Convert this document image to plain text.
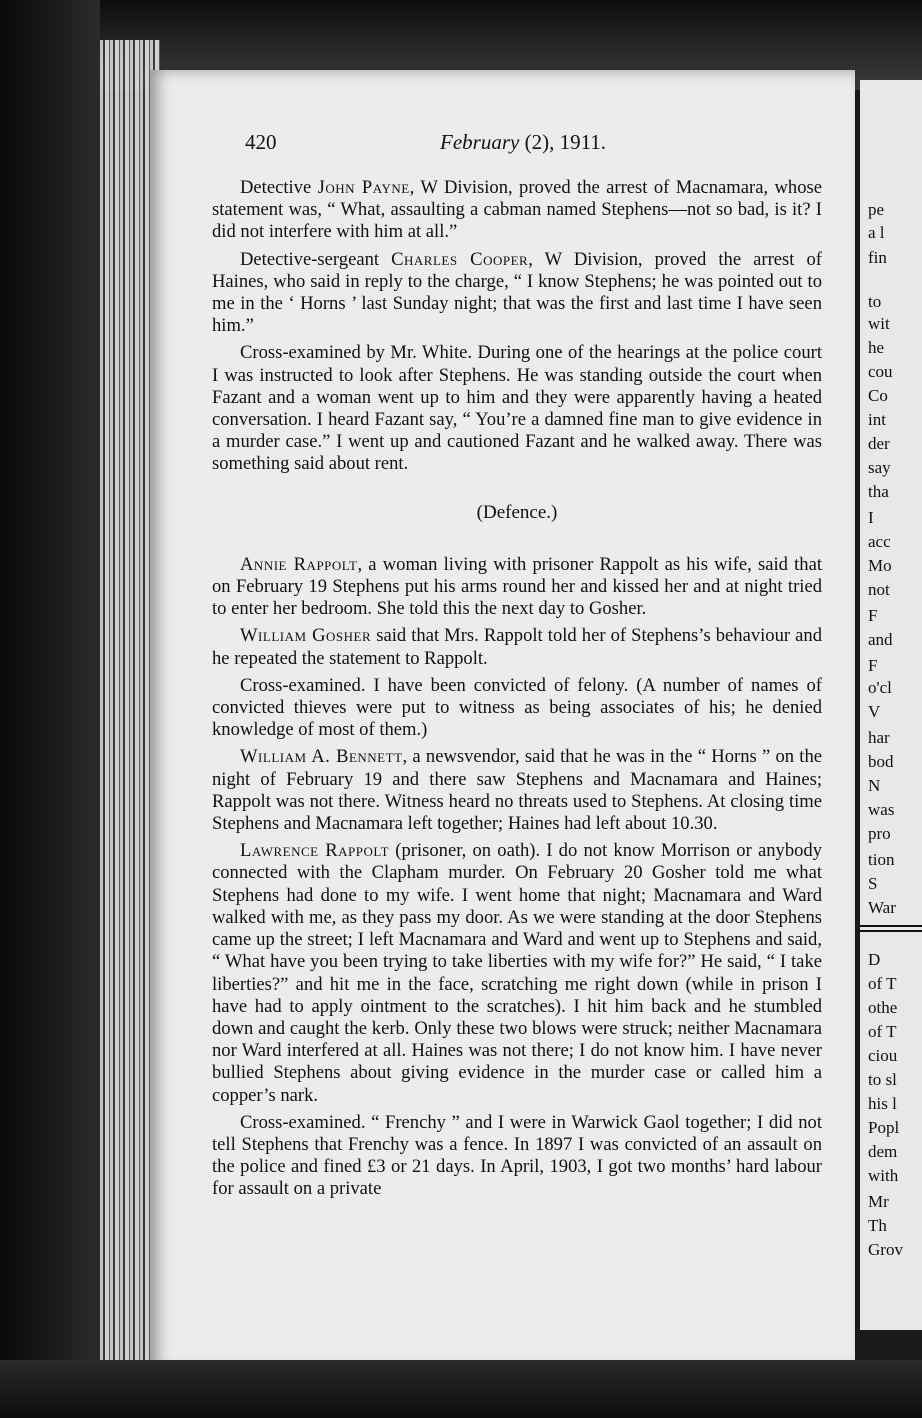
pe
a l
fin
to
wit
he
cou
Co
int
der
say
tha
I
acc
Mo
not
F
and
F
o'cl
V
har
bod
N
was
pro
tion
S
War
D
of T
othe
of T
ciou
to sl
his l
Popl
dem
with
Mr
Th
Grov
420	February (2), 1911.

Detective John Payne, W Division, proved the arrest of Macnamara, whose statement was, “ What, assaulting a cabman named Stephens—not so bad, is it? I did not interfere with him at all.”

Detective-sergeant Charles Cooper, W Division, proved the arrest of Haines, who said in reply to the charge, “ I know Stephens; he was pointed out to me in the ‘ Horns ’ last Sunday night; that was the first and last time I have seen him.”

Cross-examined by Mr. White. During one of the hearings at the police court I was instructed to look after Stephens. He was standing outside the court when Fazant and a woman went up to him and they were apparently having a heated conversation. I heard Fazant say, “ You’re a damned fine man to give evidence in a murder case.” I went up and cautioned Fazant and he walked away. There was something said about rent.

(Defence.)

Annie Rappolt, a woman living with prisoner Rappolt as his wife, said that on February 19 Stephens put his arms round her and kissed her and at night tried to enter her bedroom. She told this the next day to Gosher.

William Gosher said that Mrs. Rappolt told her of Stephens’s behaviour and he repeated the statement to Rappolt.

Cross-examined. I have been convicted of felony. (A number of names of convicted thieves were put to witness as being associates of his; he denied knowledge of most of them.)

William A. Bennett, a newsvendor, said that he was in the “ Horns ” on the night of February 19 and there saw Stephens and Macnamara and Haines; Rappolt was not there. Witness heard no threats used to Stephens. At closing time Stephens and Macnamara left together; Haines had left about 10.30.

Lawrence Rappolt (prisoner, on oath). I do not know Morrison or anybody connected with the Clapham murder. On February 20 Gosher told me what Stephens had done to my wife. I went home that night; Macnamara and Ward walked with me, as they pass my door. As we were standing at the door Stephens came up the street; I left Macnamara and Ward and went up to Stephens and said, “ What have you been trying to take liberties with my wife for?” He said, “ I take liberties?” and hit me in the face, scratching me right down (while in prison I have had to apply ointment to the scratches). I hit him back and he stumbled down and caught the kerb. Only these two blows were struck; neither Macnamara nor Ward interfered at all. Haines was not there; I do not know him. I have never bullied Stephens about giving evidence in the murder case or called him a copper’s nark.

Cross-examined. “ Frenchy ” and I were in Warwick Gaol together; I did not tell Stephens that Frenchy was a fence. In 1897 I was convicted of an assault on the police and fined £3 or 21 days. In April, 1903, I got two months’ hard labour for assault on a private
